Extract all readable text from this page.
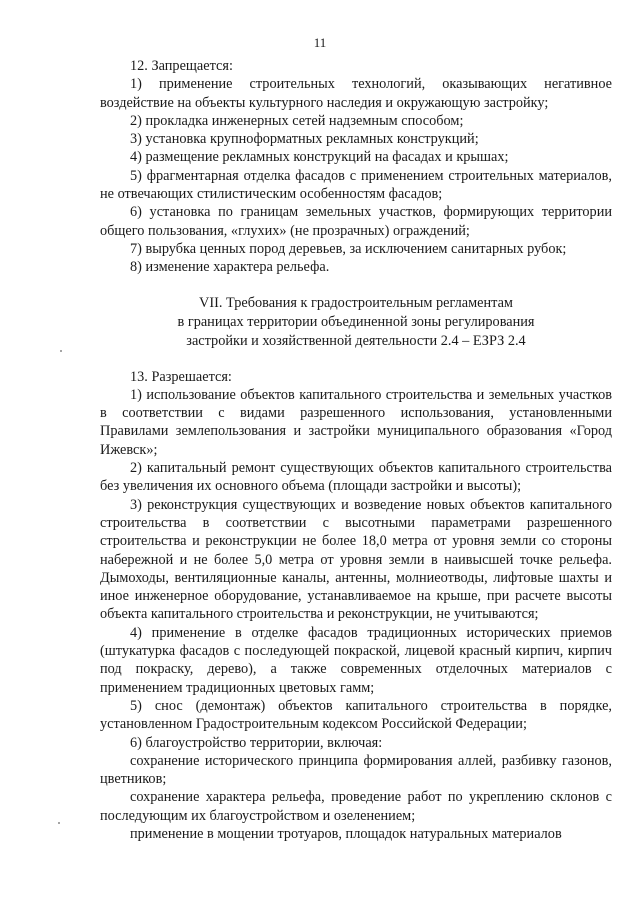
11

12. Запрещается:

1) применение строительных технологий, оказывающих негативное воздействие на объекты культурного наследия и окружающую застройку;

2) прокладка инженерных сетей надземным способом;

3) установка крупноформатных рекламных конструкций;

4) размещение рекламных конструкций на фасадах и крышах;

5) фрагментарная отделка фасадов с применением строительных материалов, не отвечающих стилистическим особенностям фасадов;

6) установка по границам земельных участков, формирующих территории общего пользования, «глухих» (не прозрачных) ограждений;

7) вырубка ценных пород деревьев, за исключением санитарных рубок;

8) изменение характера рельефа.

VII. Требования к градостроительным регламентам
в границах территории объединенной зоны регулирования
застройки и хозяйственной деятельности 2.4 – ЕЗРЗ 2.4

13. Разрешается:

1) использование объектов капитального строительства и земельных участков в соответствии с видами разрешенного использования, установленными Правилами землепользования и застройки муниципального образования «Город Ижевск»;

2) капитальный ремонт существующих объектов капитального строительства без увеличения их основного объема (площади застройки и высоты);

3) реконструкция существующих и возведение новых объектов капитального строительства в соответствии с высотными параметрами разрешенного строительства и реконструкции не более 18,0 метра от уровня земли со стороны набережной и не более 5,0 метра от уровня земли в наивысшей точке рельефа. Дымоходы, вентиляционные каналы, антенны, молниеотводы, лифтовые шахты и иное инженерное оборудование, устанавливаемое на крыше, при расчете высоты объекта капитального строительства и реконструкции, не учитываются;

4) применение в отделке фасадов традиционных исторических приемов (штукатурка фасадов с последующей покраской, лицевой красный кирпич, кирпич под покраску, дерево), а также современных отделочных материалов с применением традиционных цветовых гамм;

5) снос (демонтаж) объектов капитального строительства в порядке, установленном Градостроительным кодексом Российской Федерации;

6) благоустройство территории, включая:

сохранение исторического принципа формирования аллей, разбивку газонов, цветников;

сохранение характера рельефа, проведение работ по укреплению склонов с последующим их благоустройством и озеленением;

применение в мощении тротуаров, площадок натуральных материалов
